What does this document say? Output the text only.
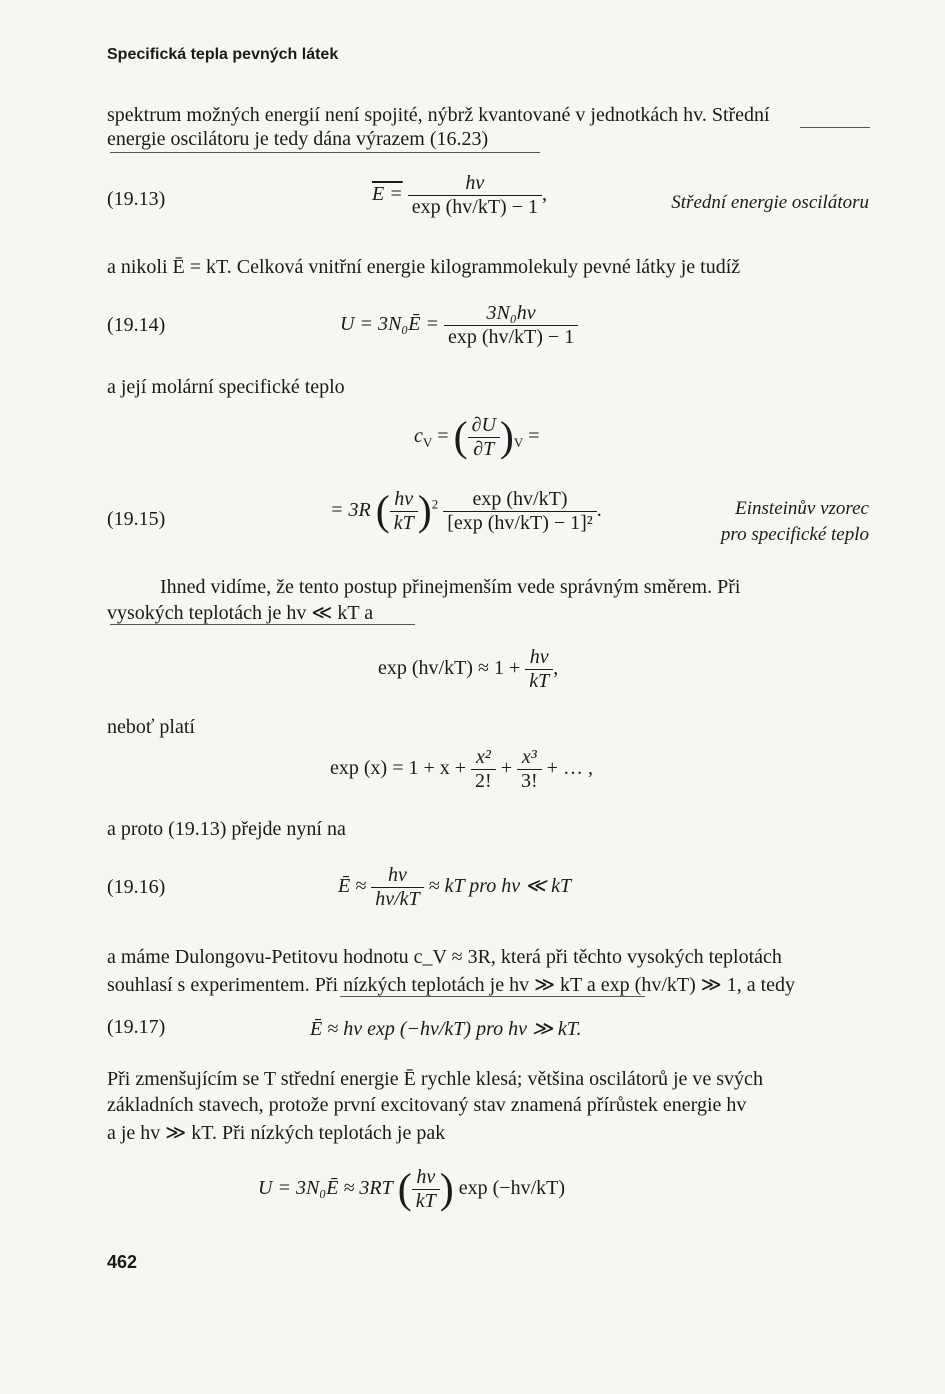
Specifická tepla pevných látek
spektrum možných energií není spojité, nýbrž kvantované v jednotkách hv. Střední
energie oscilátoru je tedy dána výrazem (16.23)
(19.13)	$E = \frac{hv}{\exp (hv/kT) - 1}$ ,	Střední energie oscilátoru
a nikoli Ē = kT. Celková vnitřní energie kilogrammolekuly pevné látky je tudíž
(19.14)	U = 3N₀Ē = $\frac{\text{3N₀hv}}{\exp (hv/kT) - 1}$
a její molární specifické teplo
$c_V$ = ( $\frac{\partial U}{\partial T} )_V$ =
(19.15)	= 3R ( $\frac{hv}{kT} )^2 \frac{\exp (hv/kT)}{\text{[exp (hv/kT) − 1]²}}$ .	Einsteinův vzorec
pro specifické teplo
Ihned vidíme, že tento postup přinejmenším vede správným směrem. Při
vysokých teplotách je hv ≪ kT a
$\exp (hv/kT) \approx 1 + \frac{hv}{kT}$ ,
neboť platí
$\exp (x) = 1 + x + \frac{\text{x²}}{2!} + \frac{\text{x³}}{3!}$ + … ,
a proto (19.13) přejde nyní na
(19.16)	Ē ≈ $\frac{hv}{hv/kT}$ ≈ kT pro hv ≪ kT
a máme Dulongovu-Petitovu hodnotu c_V ≈ 3R, která při těchto vysokých teplotách
souhlasí s experimentem. Při nízkých teplotách je hv ≫ kT a exp (hv/kT) ≫ 1, a tedy
(19.17)	Ē ≈ hv exp (−hv/kT) pro hv ≫ kT.
Při zmenšujícím se T střední energie Ē rychle klesá; většina oscilátorů je ve svých
základních stavech, protože první excitovaný stav znamená přírůstek energie hv
a je hv ≫ kT. Při nízkých teplotách je pak
U = 3N₀Ē ≈ 3RT ( $\frac{hv}{kT}$ ) exp (−hv/kT)
462
